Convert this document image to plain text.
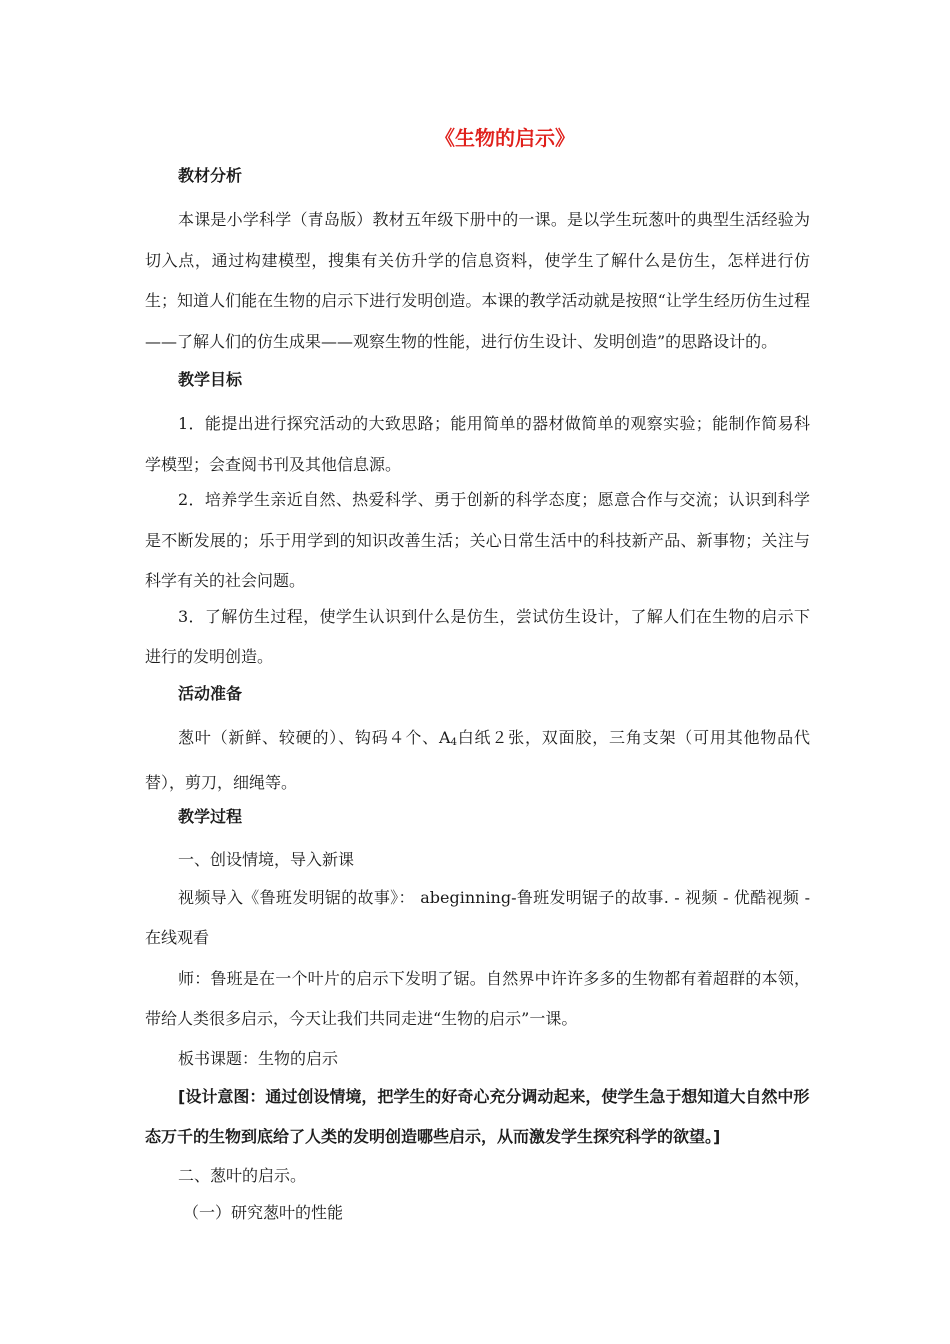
《生物的启示》
教材分析
本课是小学科学（青岛版）教材五年级下册中的一课。是以学生玩葱叶的典型生活经验为切入点，通过构建模型，搜集有关仿升学的信息资料，使学生了解什么是仿生，怎样进行仿生；知道人们能在生物的启示下进行发明创造。本课的教学活动就是按照“让学生经历仿生过程——了解人们的仿生成果——观察生物的性能，进行仿生设计、发明创造”的思路设计的。
教学目标
1．能提出进行探究活动的大致思路；能用简单的器材做简单的观察实验；能制作简易科学模型；会查阅书刊及其他信息源。
2．培养学生亲近自然、热爱科学、勇于创新的科学态度；愿意合作与交流；认识到科学是不断发展的；乐于用学到的知识改善生活；关心日常生活中的科技新产品、新事物；关注与科学有关的社会问题。
3．了解仿生过程，使学生认识到什么是仿生，尝试仿生设计，了解人们在生物的启示下进行的发明创造。
活动准备
葱叶（新鲜、较硬的）、钩码４个、$A_4$白纸２张，双面胶，三角支架（可用其他物品代替），剪刀，细绳等。
教学过程
一、创设情境，导入新课
视频导入《鲁班发明锯的故事》： abeginning-鲁班发明锯子的故事. - 视频 - 优酷视频 - 在线观看
师：鲁班是在一个叶片的启示下发明了锯。自然界中许许多多的生物都有着超群的本领，带给人类很多启示，今天让我们共同走进“生物的启示”一课。
板书课题：生物的启示
[设计意图：通过创设情境，把学生的好奇心充分调动起来，使学生急于想知道大自然中形态万千的生物到底给了人类的发明创造哪些启示，从而激发学生探究科学的欲望。]
二、葱叶的启示。
（一）研究葱叶的性能
